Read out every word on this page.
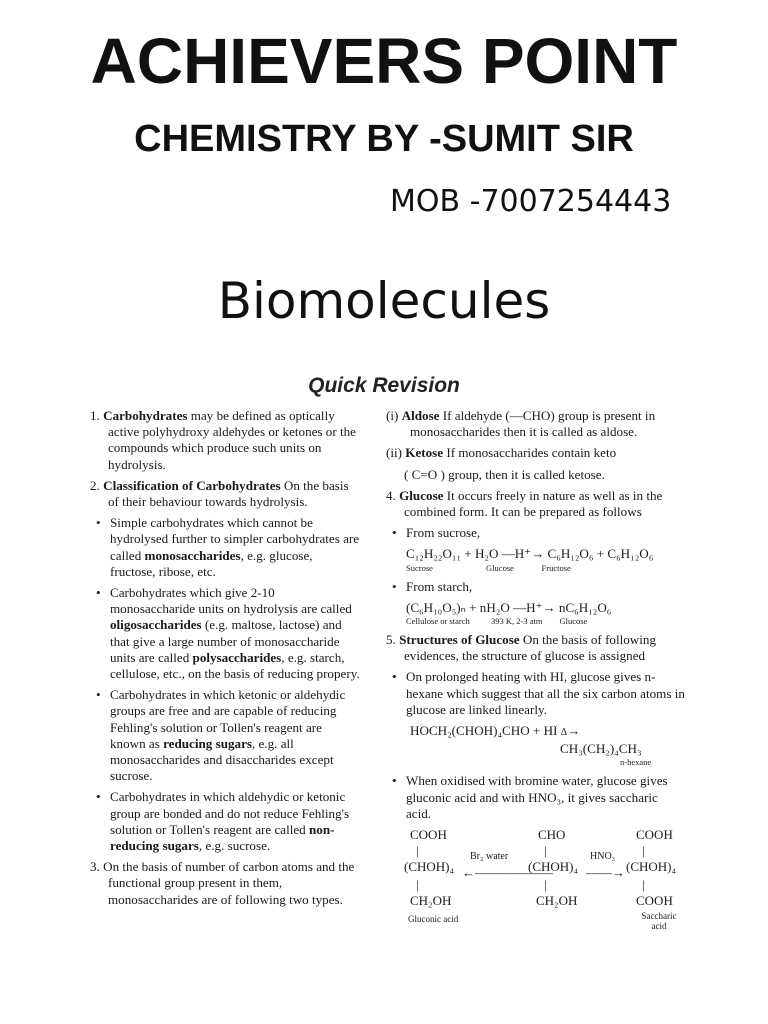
ACHIEVERS POINT
CHEMISTRY BY -SUMIT SIR
MOB -7007254443
Biomolecules
Quick Revision

1. Carbohydrates may be defined as optically active polyhydroxy aldehydes or ketones or the compounds which produce such units on hydrolysis.

2. Classification of Carbohydrates On the basis of their behaviour towards hydrolysis.

• Simple carbohydrates which cannot be hydrolysed further to simpler carbohydrates are called monosaccharides, e.g. glucose, fructose, ribose, etc.

• Carbohydrates which give 2-10 monosaccharide units on hydrolysis are called oligosaccharides (e.g. maltose, lactose) and that give a large number of monosaccharide units are called polysaccharides, e.g. starch, cellulose, etc., on the basis of reducing propery.

• Carbohydrates in which ketonic or aldehydic groups are free and are capable of reducing Fehling's solution or Tollen's reagent are known as reducing sugars, e.g. all monosaccharides and disaccharides except sucrose.

• Carbohydrates in which aldehydic or ketonic group are bonded and do not reduce Fehling's solution or Tollen's reagent are called non-reducing sugars, e.g. sucrose.

3. On the basis of number of carbon atoms and the functional group present in them, monosaccharides are of following two types.

(i) Aldose If aldehyde (—CHO) group is present in monosaccharides then it is called as aldose.

(ii) Ketose If monosaccharides contain keto

( C=O ) group, then it is called ketose.

4. Glucose It occurs freely in nature as well as in the combined form. It can be prepared as follows

• From sucrose,

C₁₂H₂₂O₁₁ + H₂O —H⁺→ C₆H₁₂O₆ + C₆H₁₂O₆
Sucrose	Glucose	Fructose

• From starch,

(C₆H₁₀O₅)ₙ + nH₂O —H⁺→ nC₆H₁₂O₆
Cellulose or starch	393 K, 2-3 atm Glucose

5. Structures of Glucose On the basis of following evidences, the structure of glucose is assigned

• On prolonged heating with HI, glucose gives n-hexane which suggest that all the six carbon atoms in glucose are linked linearly.

HOCH₂(CHOH)₄CHO + HI Δ→
CH₃(CH₂)₄CH₃
n-hexane

• When oxidised with bromine water, glucose gives gluconic acid and with HNO₃, it gives saccharic acid.

COOH	CHO	COOH
|	|	|
(CHOH)₄	(CHOH)₄	(CHOH)₄
Br₂ water
←——————
HNO₃
——→
|	|	|
CH₂OH	CH₂OH	COOH
Gluconic acid	Saccharic acid
